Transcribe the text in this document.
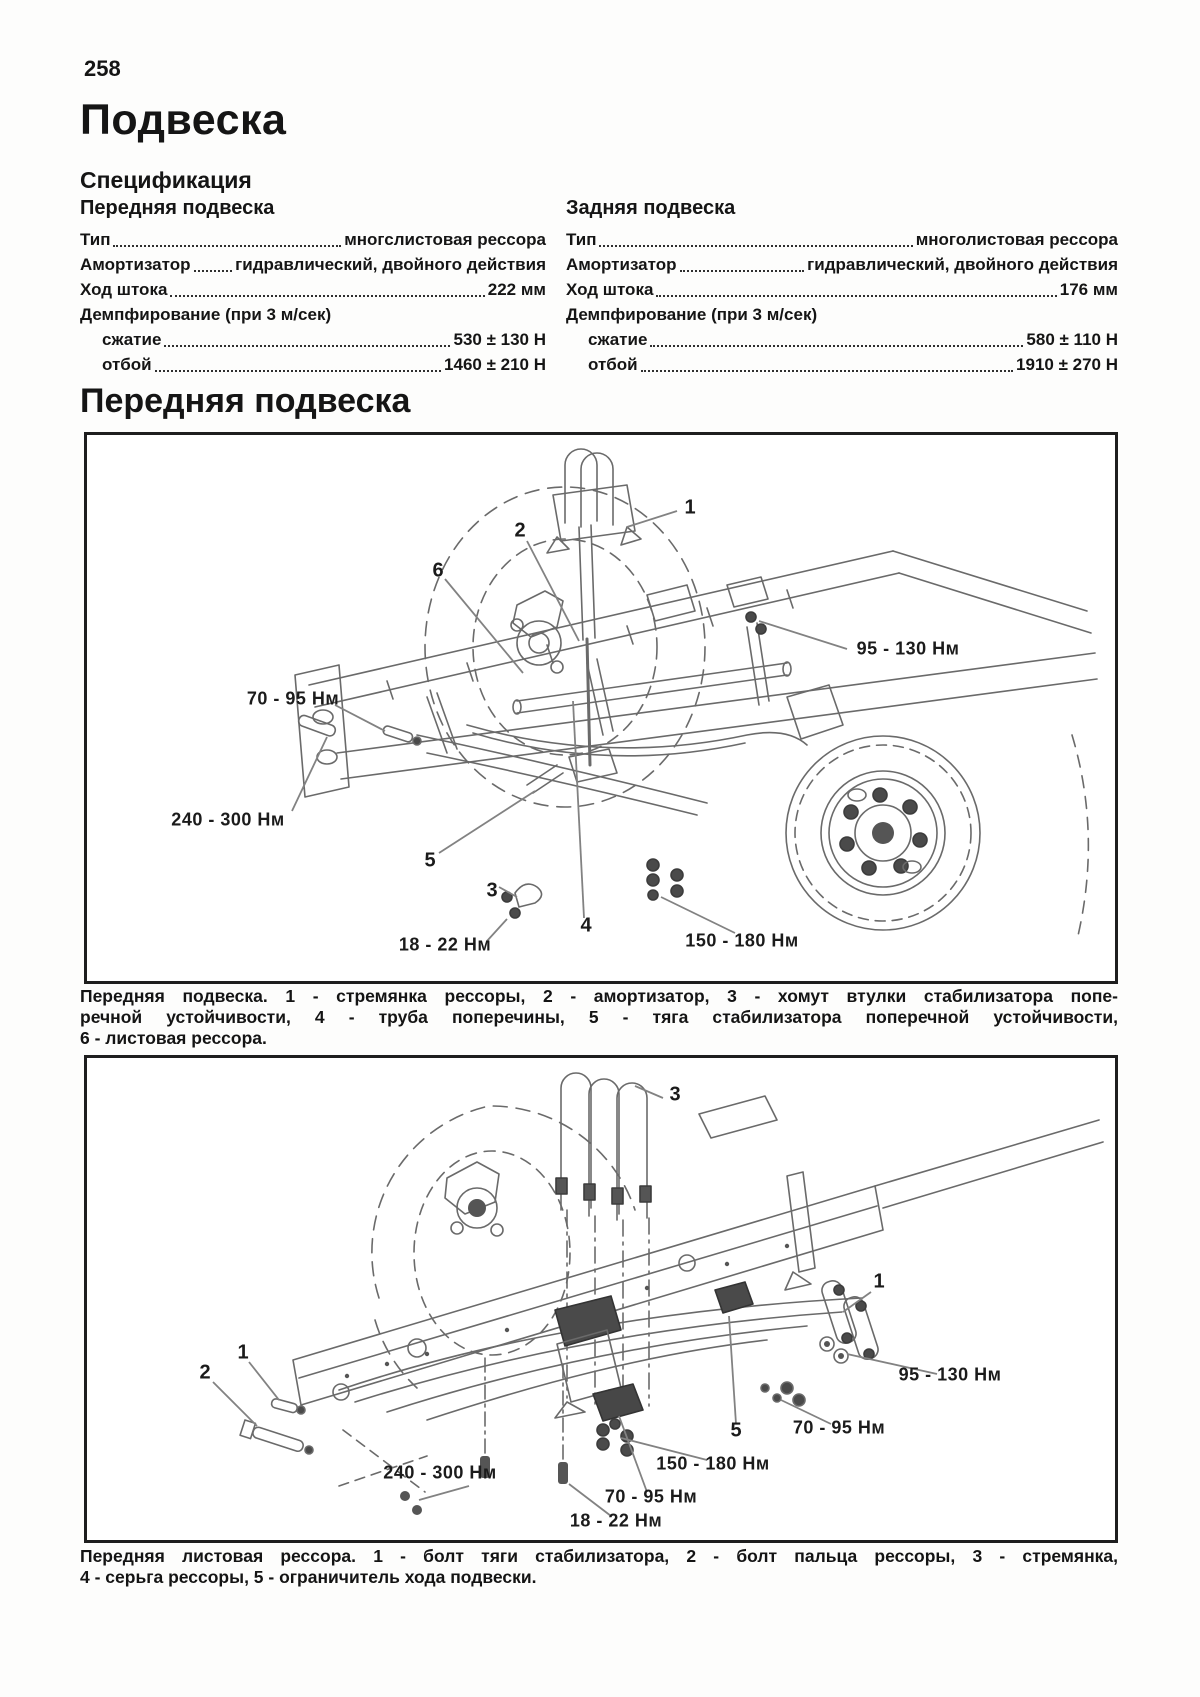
258
Подвеска
Спецификация

Передняя подвеска

Тип	многслистовая рессора
Амортизатор	гидравлический, двойного действия
Ход штока	222 мм
Демпфирование (при 3 м/сек)
сжатие	530 ± 130 Н
отбой	1460 ± 210 Н

Задняя подвеска

Тип	многолистовая рессора
Амортизатор	гидравлический, двойного действия
Ход штока	176 мм
Демпфирование (при 3 м/сек)
сжатие	580 ± 110 Н
отбой	1910 ± 270 Н
Передняя подвеска
1
2
6
95 - 130 Нм
70 - 95 Нм
240 - 300 Нм
5
3
4
18 - 22 Нм	150 - 180 Нм
Передняя подвеска. 1 - стремянка рессоры, 2 - амортизатор, 3 - хомут втулки стабилизатора попе-
речной устойчивости, 4 - труба поперечины, 5 - тяга стабилизатора поперечной устойчивости,
6 - листовая рессора.
3
1
2
1
95 - 130 Нм
70 - 95 Нм
5
150 - 180 Нм
240 - 300 Нм
70 - 95 Нм
18 - 22 Нм
Передняя листовая рессора. 1 - болт тяги стабилизатора, 2 - болт пальца рессоры, 3 - стремянка,
4 - серьга рессоры, 5 - ограничитель хода подвески.
